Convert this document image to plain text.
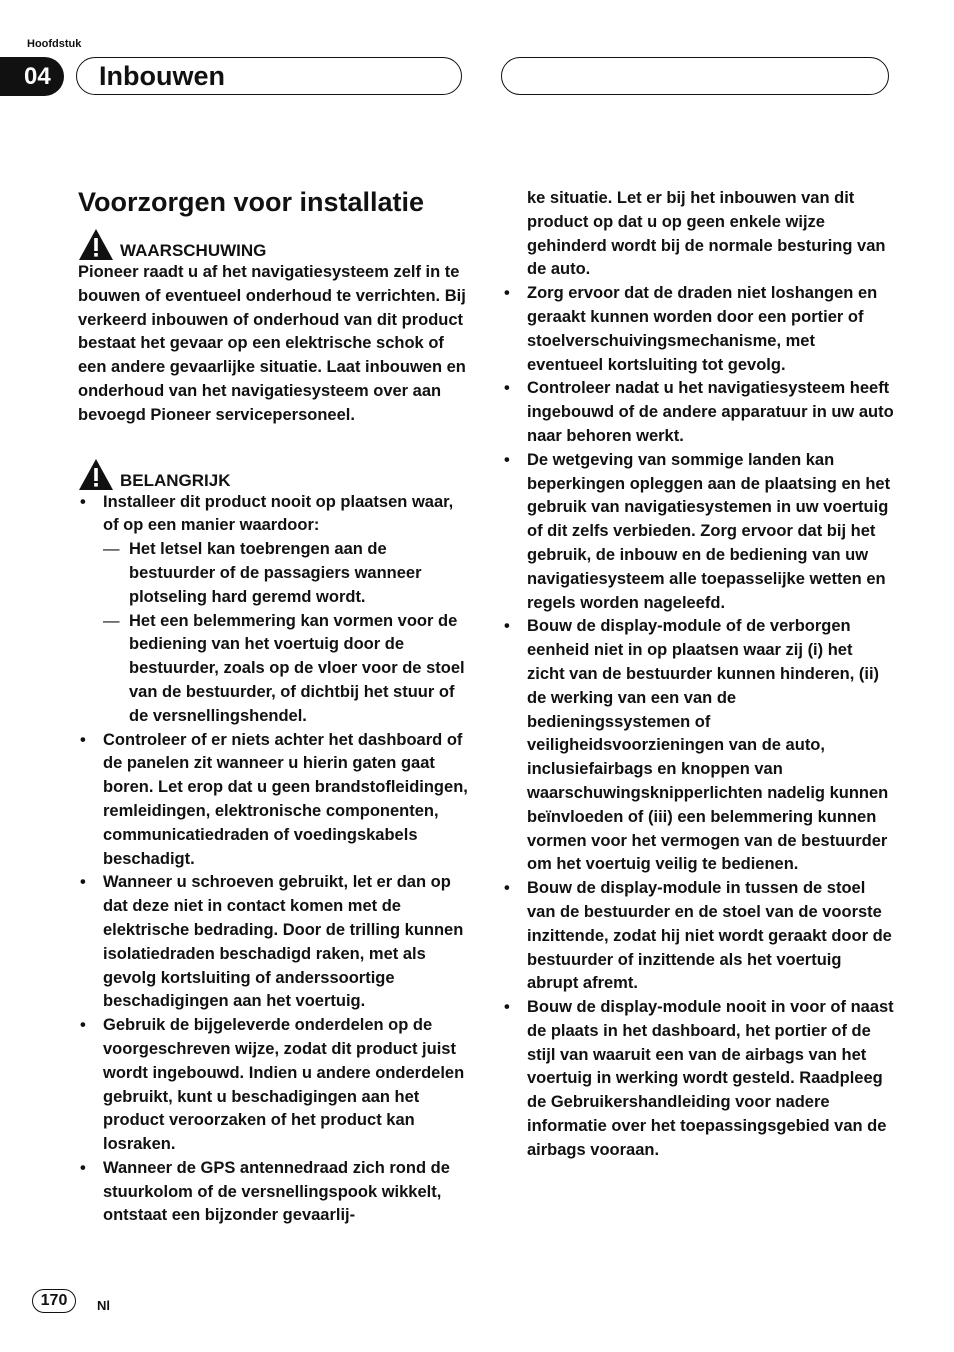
Hoofdstuk
04	Inbouwen
Voorzorgen voor installatie
WAARSCHUWING

Pioneer raadt u af het navigatiesysteem zelf in te bouwen of eventueel onderhoud te verrichten. Bij verkeerd inbouwen of onderhoud van dit product bestaat het gevaar op een elektrische schok of een andere gevaarlijke situatie. Laat inbouwen en onderhoud van het navigatiesysteem over aan bevoegd Pioneer servicepersoneel.

BELANGRIJK
• Installeer dit product nooit op plaatsen waar, of op een manier waardoor:
— Het letsel kan toebrengen aan de bestuurder of de passagiers wanneer plotseling hard geremd wordt.
— Het een belemmering kan vormen voor de bediening van het voertuig door de bestuurder, zoals op de vloer voor de stoel van de bestuurder, of dichtbij het stuur of de versnellingshendel.
• Controleer of er niets achter het dashboard of de panelen zit wanneer u hierin gaten gaat boren. Let erop dat u geen brandstofleidingen, remleidingen, elektronische componenten, communicatiedraden of voedingskabels beschadigt.
• Wanneer u schroeven gebruikt, let er dan op dat deze niet in contact komen met de elektrische bedrading. Door de trilling kunnen isolatiedraden beschadigd raken, met als gevolg kortsluiting of anderssoortige beschadigingen aan het voertuig.
• Gebruik de bijgeleverde onderdelen op de voorgeschreven wijze, zodat dit product juist wordt ingebouwd. Indien u andere onderdelen gebruikt, kunt u beschadigingen aan het product veroorzaken of het product kan losraken.
• Wanneer de GPS antennedraad zich rond de stuurkolom of de versnellingspook wikkelt, ontstaat een bijzonder gevaarlij-

ke situatie. Let er bij het inbouwen van dit product op dat u op geen enkele wijze gehinderd wordt bij de normale besturing van de auto.

• Zorg ervoor dat de draden niet loshangen en geraakt kunnen worden door een portier of stoelverschuivingsmechanisme, met eventueel kortsluiting tot gevolg.
• Controleer nadat u het navigatiesysteem heeft ingebouwd of de andere apparatuur in uw auto naar behoren werkt.
• De wetgeving van sommige landen kan beperkingen opleggen aan de plaatsing en het gebruik van navigatiesystemen in uw voertuig of dit zelfs verbieden. Zorg ervoor dat bij het gebruik, de inbouw en de bediening van uw navigatiesysteem alle toepasselijke wetten en regels worden nageleefd.
• Bouw de display-module of de verborgen eenheid niet in op plaatsen waar zij (i) het zicht van de bestuurder kunnen hinderen, (ii) de werking van een van de bedieningssystemen of veiligheidsvoorzieningen van de auto, inclusiefairbags en knoppen van waarschuwingsknipperlichten nadelig kunnen beïnvloeden of (iii) een belemmering kunnen vormen voor het vermogen van de bestuurder om het voertuig veilig te bedienen.
• Bouw de display-module in tussen de stoel van de bestuurder en de stoel van de voorste inzittende, zodat hij niet wordt geraakt door de bestuurder of inzittende als het voertuig abrupt afremt.
• Bouw de display-module nooit in voor of naast de plaats in het dashboard, het portier of de stijl van waaruit een van de airbags van het voertuig in werking wordt gesteld. Raadpleeg de Gebruikershandleiding voor nadere informatie over het toepassingsgebied van de airbags vooraan.
170	Nl
